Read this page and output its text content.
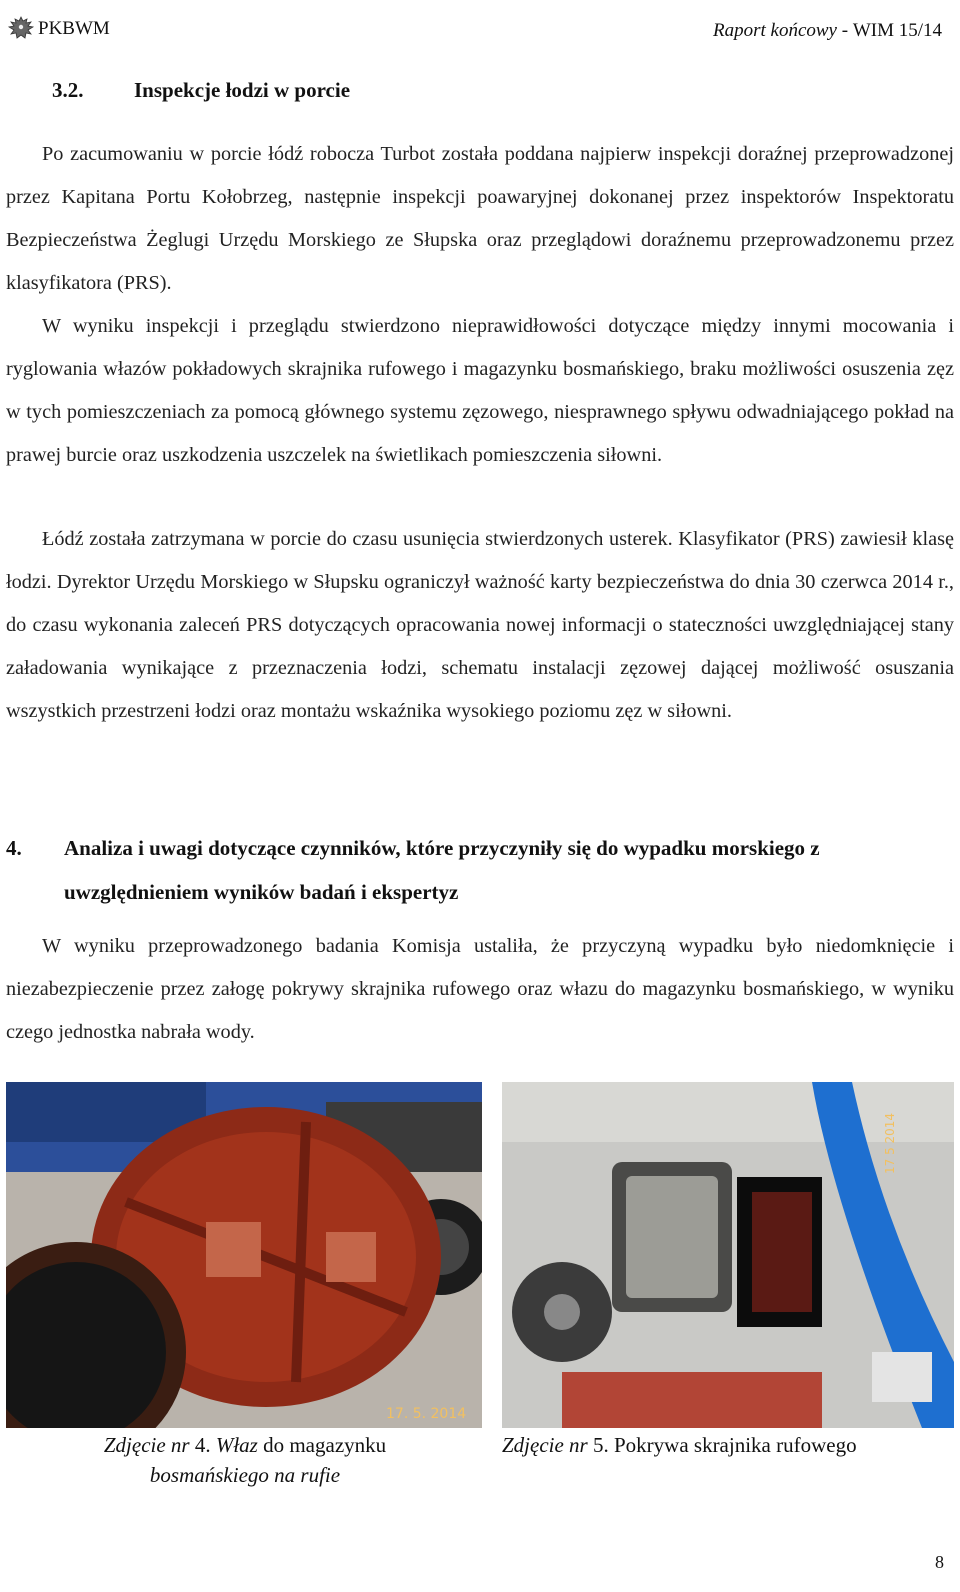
PKBWM	Raport końcowy - WIM 15/14
3.2. Inspekcje łodzi w porcie
Po zacumowaniu w porcie łódź robocza Turbot została poddana najpierw inspekcji doraźnej przeprowadzonej przez Kapitana Portu Kołobrzeg, następnie inspekcji poawaryjnej dokonanej przez inspektorów Inspektoratu Bezpieczeństwa Żeglugi Urzędu Morskiego ze Słupska oraz przeglądowi doraźnemu przeprowadzonemu przez klasyfikatora (PRS).
W wyniku inspekcji i przeglądu stwierdzono nieprawidłowości dotyczące między innymi mocowania i ryglowania włazów pokładowych skrajnika rufowego i magazynku bosmańskiego, braku możliwości osuszenia zęz w tych pomieszczeniach za pomocą głównego systemu zęzowego, niesprawnego spływu odwadniającego pokład na prawej burcie oraz uszkodzenia uszczelek na świetlikach pomieszczenia siłowni.
Łódź została zatrzymana w porcie do czasu usunięcia stwierdzonych usterek. Klasyfikator (PRS) zawiesił klasę łodzi. Dyrektor Urzędu Morskiego w Słupsku ograniczył ważność karty bezpieczeństwa do dnia 30 czerwca 2014 r., do czasu wykonania zaleceń PRS dotyczących opracowania nowej informacji o stateczności uwzględniającej stany załadowania wynikające z przeznaczenia łodzi, schematu instalacji zęzowej dającej możliwość osuszania wszystkich przestrzeni łodzi oraz montażu wskaźnika wysokiego poziomu zęz w siłowni.
4. Analiza i uwagi dotyczące czynników, które przyczyniły się do wypadku morskiego z uwzględnieniem wyników badań i ekspertyz
W wyniku przeprowadzonego badania Komisja ustaliła, że przyczyną wypadku było niedomknięcie i niezabezpieczenie przez załogę pokrywy skrajnika rufowego oraz włazu do magazynku bosmańskiego, w wyniku czego jednostka nabrała wody.
17. 5. 2014
17 5 2014
Zdjęcie nr 4. Właz do magazynku
bosmańskiego na rufie
Zdjęcie nr 5. Pokrywa skrajnika rufowego
8
